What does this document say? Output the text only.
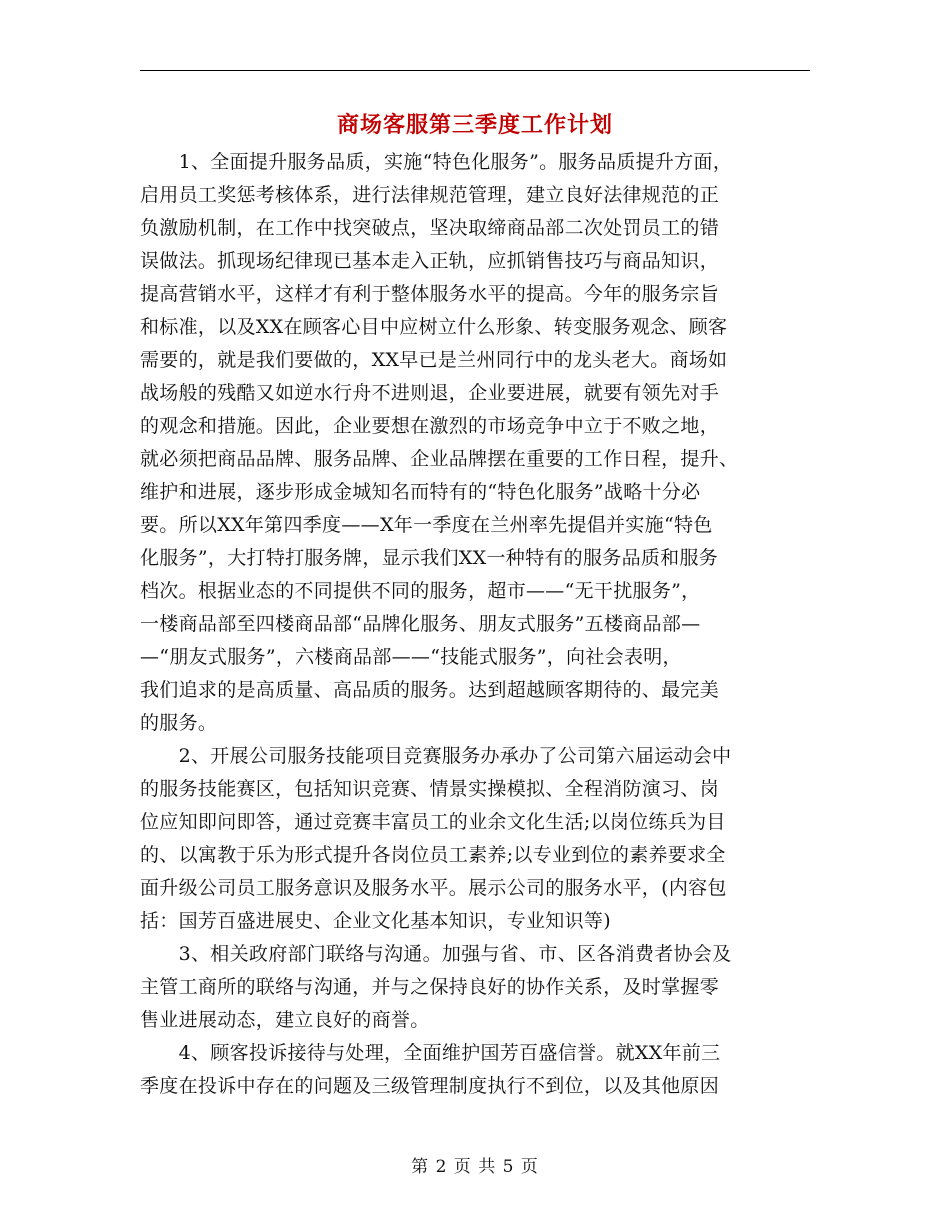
商场客服第三季度工作计划

　　1、全面提升服务品质，实施“特色化服务”。服务品质提升方面，

启用员工奖惩考核体系，进行法律规范管理，建立良好法律规范的正

负激励机制，在工作中找突破点，坚决取缔商品部二次处罚员工的错

误做法。抓现场纪律现已基本走入正轨，应抓销售技巧与商品知识，

提高营销水平，这样才有利于整体服务水平的提高。今年的服务宗旨

和标准，以及XX在顾客心目中应树立什么形象、转变服务观念、顾客

需要的，就是我们要做的，XX早已是兰州同行中的龙头老大。商场如

战场般的残酷又如逆水行舟不进则退，企业要进展，就要有领先对手

的观念和措施。因此，企业要想在激烈的市场竞争中立于不败之地，

就必须把商品品牌、服务品牌、企业品牌摆在重要的工作日程，提升、

维护和进展，逐步形成金城知名而特有的“特色化服务”战略十分必

要。所以XX年第四季度——X年一季度在兰州率先提倡并实施“特色

化服务”，大打特打服务牌，显示我们XX一种特有的服务品质和服务

档次。根据业态的不同提供不同的服务，超市——“无干扰服务”，

一楼商品部至四楼商品部“品牌化服务、朋友式服务”五楼商品部—

—“朋友式服务”，六楼商品部——“技能式服务”，向社会表明，

我们追求的是高质量、高品质的服务。达到超越顾客期待的、最完美

的服务。

　　2、开展公司服务技能项目竞赛服务办承办了公司第六届运动会中

的服务技能赛区，包括知识竞赛、情景实操模拟、全程消防演习、岗

位应知即问即答，通过竞赛丰富员工的业余文化生活;以岗位练兵为目

的、以寓教于乐为形式提升各岗位员工素养;以专业到位的素养要求全

面升级公司员工服务意识及服务水平。展示公司的服务水平，(内容包

括：国芳百盛进展史、企业文化基本知识，专业知识等)

　　3、相关政府部门联络与沟通。加强与省、市、区各消费者协会及

主管工商所的联络与沟通，并与之保持良好的协作关系，及时掌握零

售业进展动态，建立良好的商誉。

　　4、顾客投诉接待与处理，全面维护国芳百盛信誉。就XX年前三

季度在投诉中存在的问题及三级管理制度执行不到位，以及其他原因

第 2 页 共 5 页
